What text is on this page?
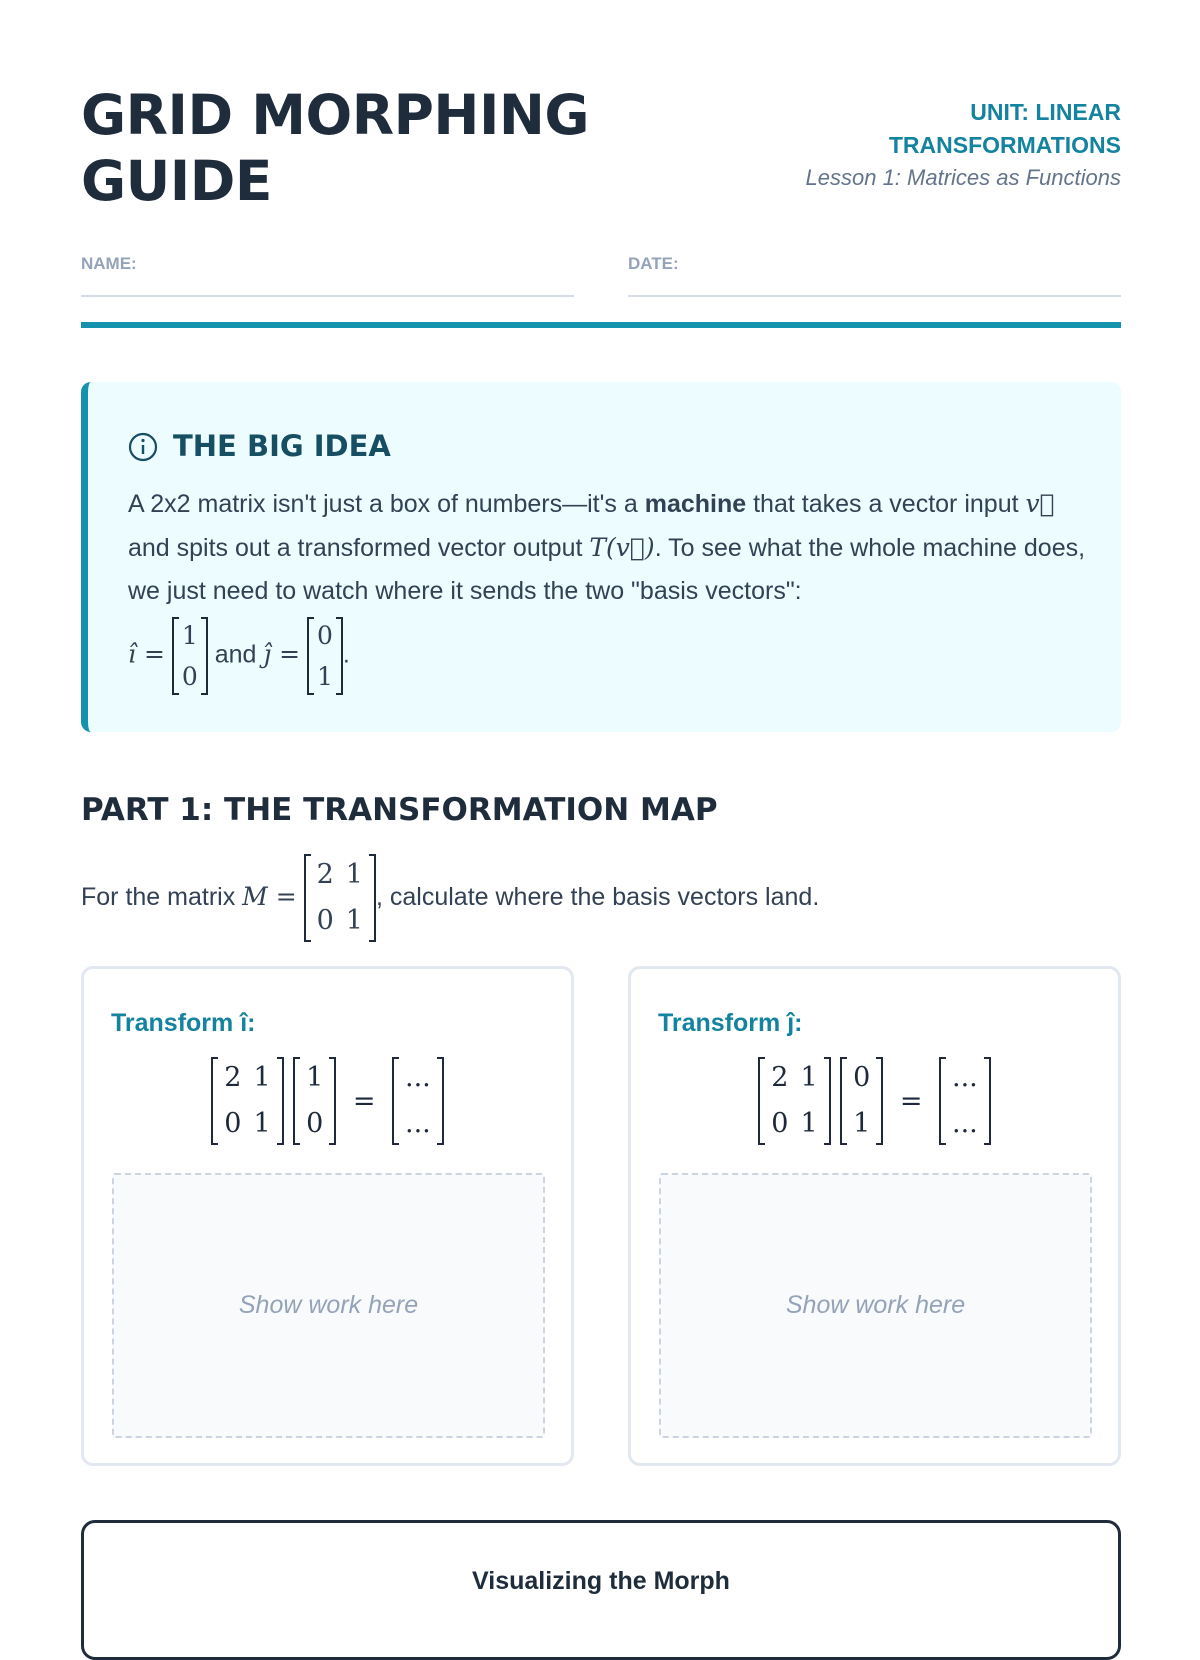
GRID MORPHING GUIDE
UNIT: LINEAR TRANSFORMATIONS
Lesson 1: Matrices as Functions
NAME:	DATE:
THE BIG IDEA
A 2x2 matrix isn't just a box of numbers—it's a machine that takes a vector input v⃗ and spits out a transformed vector output T(v⃗). To see what the whole machine does, we just need to watch where it sends the two "basis vectors":
î =
1
0
and ĵ =
0
1
.
PART 1: THE TRANSFORMATION MAP
For the matrix M =
2	1
0	1
, calculate where the basis vectors land.
Transform î:
2	1
0	1

1
0
=
...
...
Show work here
Transform ĵ:
2	1
0	1

0
1
=
...
...
Show work here
Visualizing the Morph
